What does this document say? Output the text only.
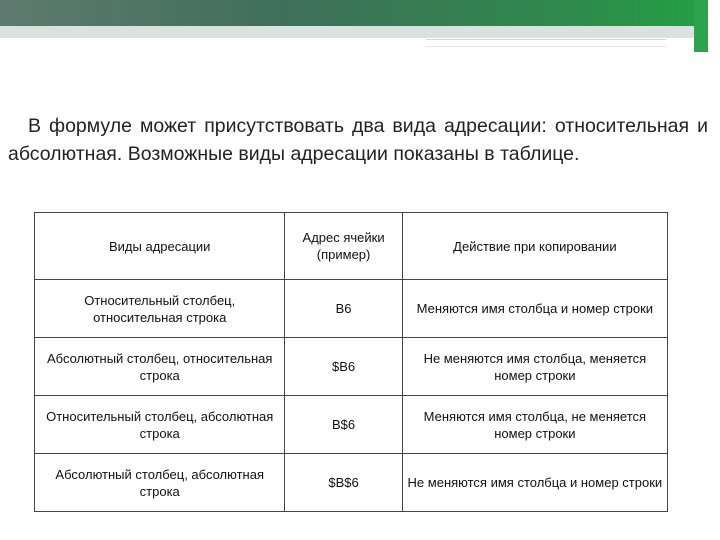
В формуле может присутствовать два вида адресации: относительная и абсолютная. Возможные виды адресации показаны в таблице.
Виды адресации	Адрес ячейки (пример)	Действие при копировании
Относительный столбец, относительная строка	B6	Меняются имя столбца и номер строки
Абсолютный столбец, относительная строка	$B6	Не меняются имя столбца, меняется номер строки
Относительный столбец, абсолютная строка	B$6	Меняются имя столбца, не меняется номер строки
Абсолютный столбец, абсолютная строка	$B$6	Не меняются имя столбца и номер строки
